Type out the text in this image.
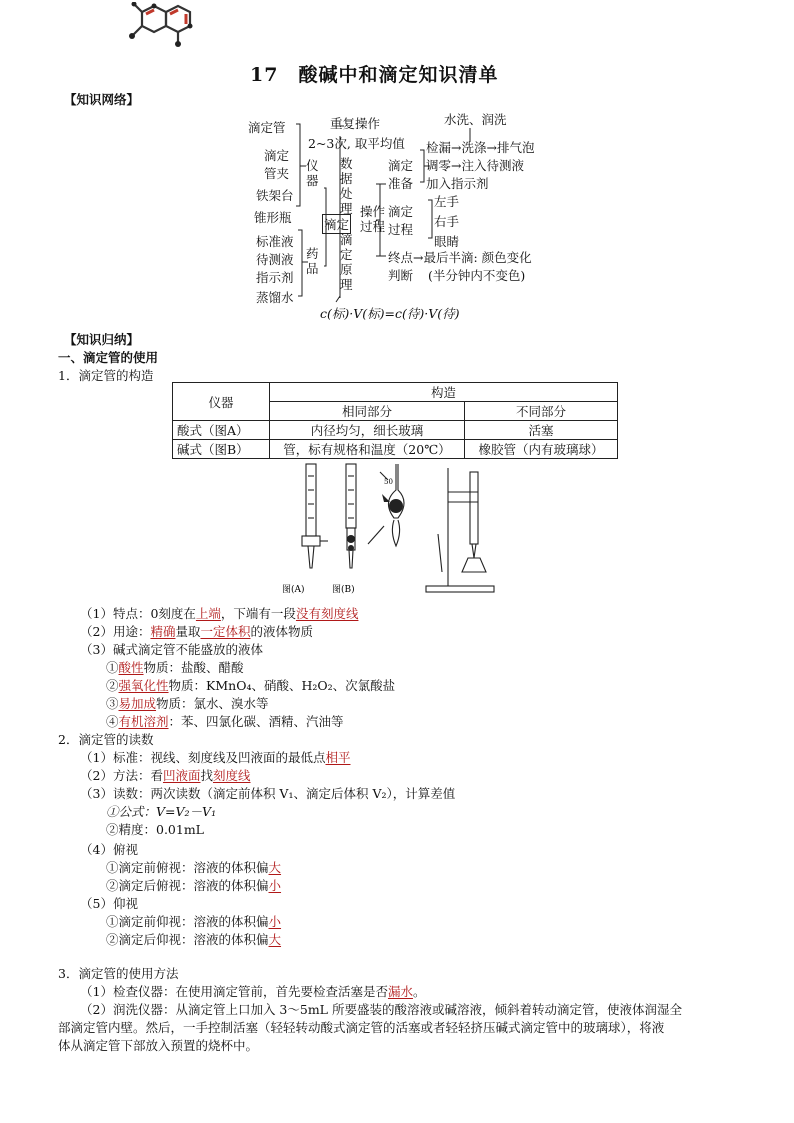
17　酸碱中和滴定知识清单
【知识网络】
滴定管
滴定
管夹
铁架台
锥形瓶
仪器
标准液
待测液
指示剂
蒸馏水
药品
滴定
重复操作
2~3次, 取平均值
数据处理
滴定原理
操作过程
水洗、润洗
检漏→洗涤→排气泡
滴定 调零→注入待测液
准备 加入指示剂
滴定
过程
左手
右手
眼睛
终点→最后半滴: 颜色变化
判断 (半分钟内不变色)
c(标)·V(标)=c(待)·V(待)
【知识归纳】
一、滴定管的使用
1．滴定管的构造
仪器	构造	
	相同部分	不同部分
酸式（图A）	内径均匀，细长玻璃	活塞
碱式（图B）	管，标有规格和温度（20℃）	橡胶管（内有玻璃球）
图(A)	图(B)
50
（1）特点：0刻度在上端，下端有一段没有刻度线
（2）用途：精确量取一定体积的液体物质
（3）碱式滴定管不能盛放的液体
①酸性物质：盐酸、醋酸
②强氧化性物质：KMnO₄、硝酸、H₂O₂、次氯酸盐
③易加成物质：氯水、溴水等
④有机溶剂：苯、四氯化碳、酒精、汽油等
2．滴定管的读数
（1）标准：视线、刻度线及凹液面的最低点相平
（2）方法：看凹液面找刻度线
（3）读数：两次读数（滴定前体积 V₁、滴定后体积 V₂），计算差值
①公式：V=V₂－V₁
②精度：0.01mL
（4）俯视
①滴定前俯视：溶液的体积偏大
②滴定后俯视：溶液的体积偏小
（5）仰视
①滴定前仰视：溶液的体积偏小
②滴定后仰视：溶液的体积偏大
3．滴定管的使用方法
（1）检查仪器：在使用滴定管前，首先要检查活塞是否漏水。
（2）润洗仪器：从滴定管上口加入 3～5mL 所要盛装的酸溶液或碱溶液，倾斜着转动滴定管，使液体润湿全
部滴定管内壁。然后，一手控制活塞（轻轻转动酸式滴定管的活塞或者轻轻挤压碱式滴定管中的玻璃球），将液
体从滴定管下部放入预置的烧杯中。
